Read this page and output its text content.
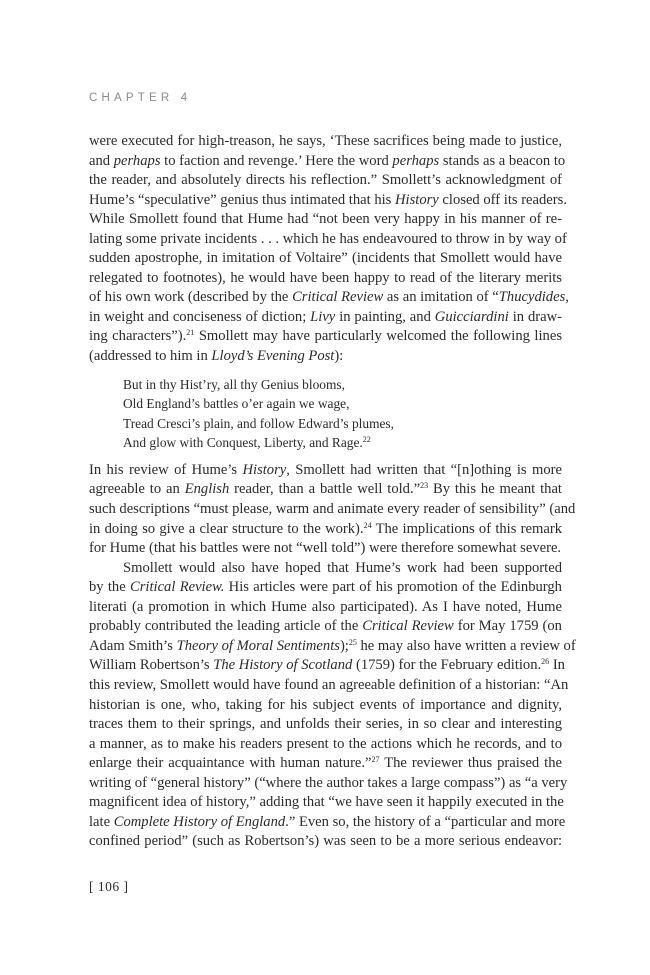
CHAPTER 4
were executed for high-treason, he says, ‘These sacrifices being made to justice,
and perhaps to faction and revenge.’ Here the word perhaps stands as a beacon to
the reader, and absolutely directs his reflection.” Smollett’s acknowledgment of
Hume’s “speculative” genius thus intimated that his History closed off its readers.
While Smollett found that Hume had “not been very happy in his manner of re-
lating some private incidents . . . which he has endeavoured to throw in by way of
sudden apostrophe, in imitation of Voltaire” (incidents that Smollett would have
relegated to footnotes), he would have been happy to read of the literary merits
of his own work (described by the Critical Review as an imitation of “Thucydides,
in weight and conciseness of diction; Livy in painting, and Guicciardini in draw-
ing characters”).$^{21}$ Smollett may have particularly welcomed the following lines
(addressed to him in Lloyd’s Evening Post):
But in thy Hist’ry, all thy Genius blooms,
Old England’s battles o’er again we wage,
Tread Cresci’s plain, and follow Edward’s plumes,
And glow with Conquest, Liberty, and Rage.$^{22}$
In his review of Hume’s History, Smollett had written that “[n]othing is more
agreeable to an English reader, than a battle well told.”$^{23}$ By this he meant that
such descriptions “must please, warm and animate every reader of sensibility” (and
in doing so give a clear structure to the work).$^{24}$ The implications of this remark
for Hume (that his battles were not “well told”) were therefore somewhat severe.
Smollett would also have hoped that Hume’s work had been supported
by the Critical Review. His articles were part of his promotion of the Edinburgh
literati (a promotion in which Hume also participated). As I have noted, Hume
probably contributed the leading article of the Critical Review for May 1759 (on
Adam Smith’s Theory of Moral Sentiments);$^{25}$ he may also have written a review of
William Robertson’s The History of Scotland (1759) for the February edition.$^{26}$ In
this review, Smollett would have found an agreeable definition of a historian: “An
historian is one, who, taking for his subject events of importance and dignity,
traces them to their springs, and unfolds their series, in so clear and interesting
a manner, as to make his readers present to the actions which he records, and to
enlarge their acquaintance with human nature.”$^{27}$ The reviewer thus praised the
writing of “general history” (“where the author takes a large compass”) as “a very
magnificent idea of history,” adding that “we have seen it happily executed in the
late Complete History of England.” Even so, the history of a “particular and more
confined period” (such as Robertson’s) was seen to be a more serious endeavor:
[ 106 ]
